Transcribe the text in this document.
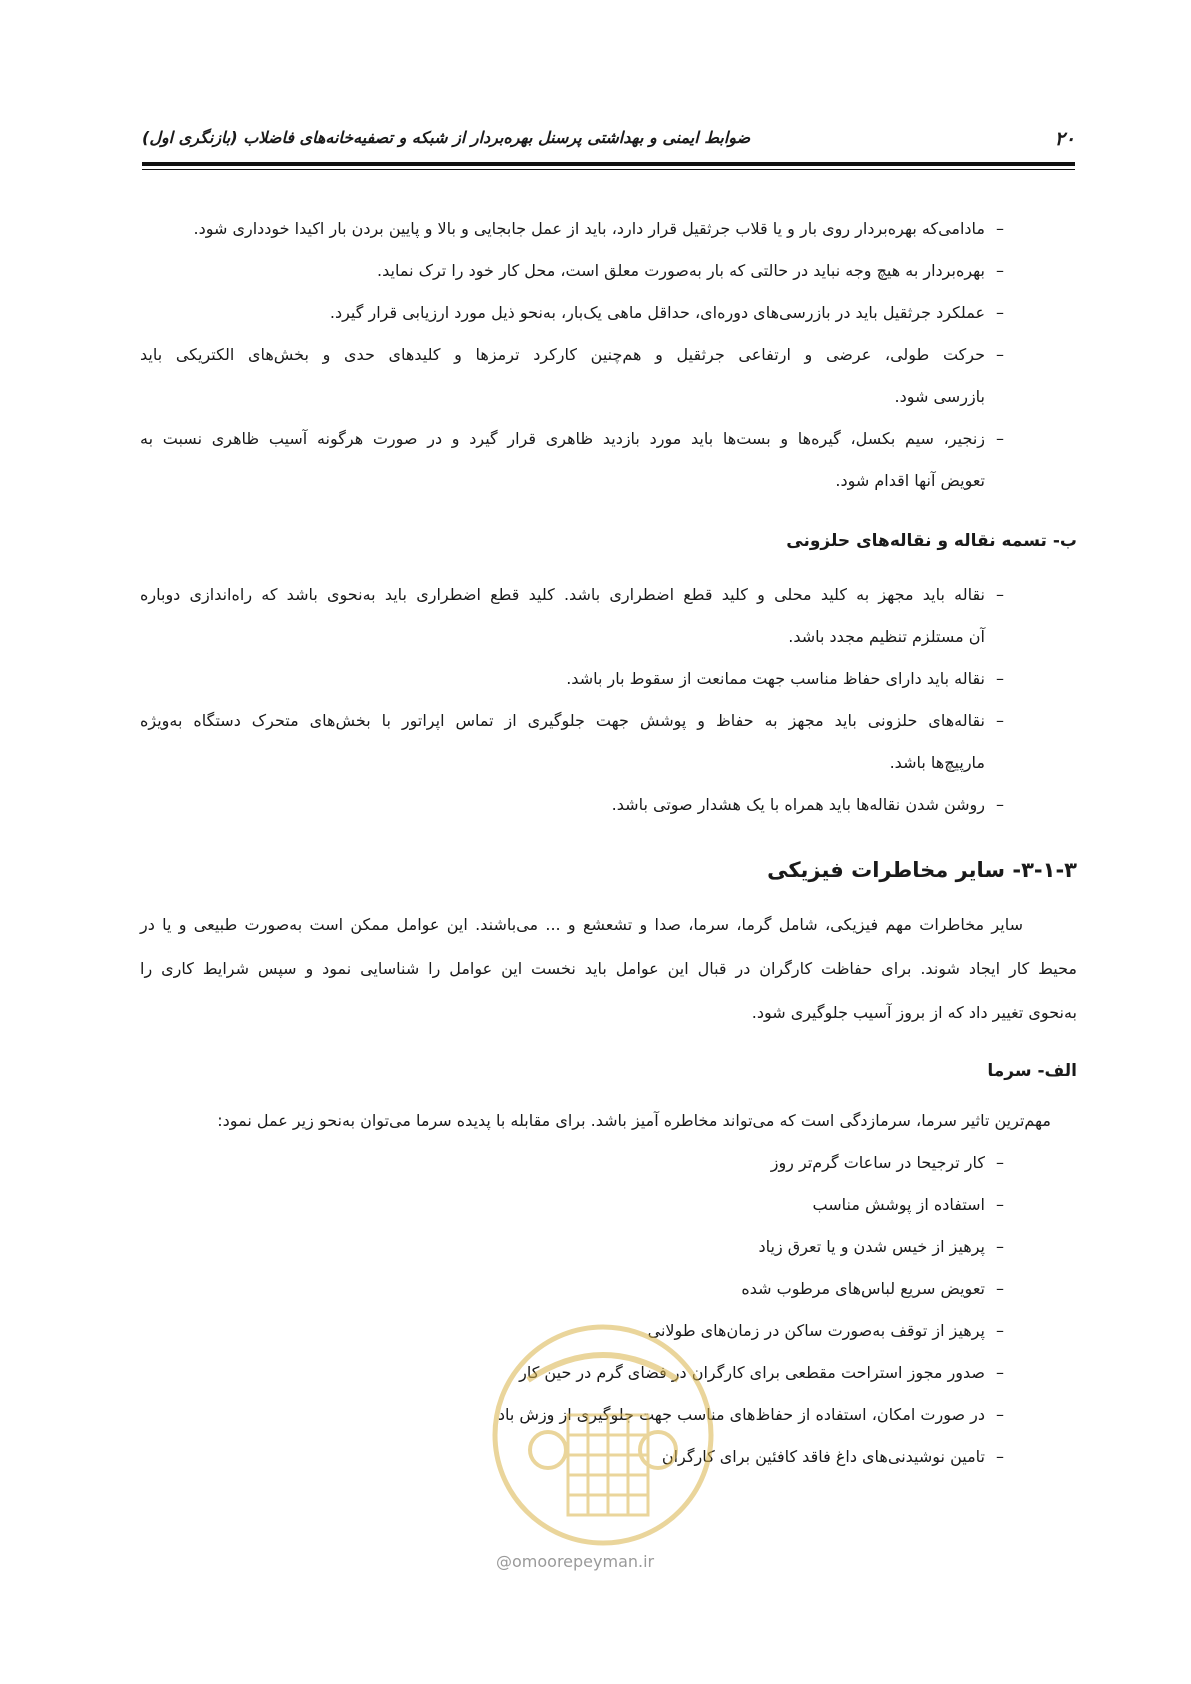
۲۰
ضوابط ایمنی و بهداشتی پرسنل بهره‌بردار از شبکه و تصفیه‌خانه‌های فاضلاب (بازنگری اول)
–مادامی‌که بهره‌بردار روی بار و یا قلاب جرثقیل قرار دارد، باید از عمل جابجایی و بالا و پایین بردن بار اکیدا خودداری شود.
–بهره‌بردار به هیچ وجه نباید در حالتی که بار به‌صورت معلق است، محل کار خود را ترک نماید.
–عملکرد جرثقیل باید در بازرسی‌های دوره‌ای، حداقل ماهی یک‌بار، به‌نحو ذیل مورد ارزیابی قرار گیرد.
–
حرکت طولی، عرضی و ارتفاعی جرثقیل و هم‌چنین کارکرد ترمزها و کلیدهای حدی و بخش‌های الکتریکی باید
بازرسی شود.
–
زنجیر، سیم بکسل، گیره‌ها و بست‌ها باید مورد بازدید ظاهری قرار گیرد و در صورت هرگونه آسیب ظاهری نسبت به
تعویض آنها اقدام شود.
ب- تسمه نقاله و نقاله‌های حلزونی
–
نقاله باید مجهز به کلید محلی و کلید قطع اضطراری باشد. کلید قطع اضطراری باید به‌نحوی باشد که راه‌اندازی دوباره
آن مستلزم تنظیم مجدد باشد.
–نقاله باید دارای حفاظ مناسب جهت ممانعت از سقوط بار باشد.
–
نقاله‌های حلزونی باید مجهز به حفاظ و پوشش جهت جلوگیری از تماس اپراتور با بخش‌های متحرک دستگاه به‌ویژه
مارپیچ‌ها باشد.
–روشن شدن نقاله‌ها باید همراه با یک هشدار صوتی باشد.
۳-۱-۳- سایر مخاطرات فیزیکی
سایر مخاطرات مهم فیزیکی، شامل گرما، سرما، صدا و تشعشع و ... می‌باشند. این عوامل ممکن است به‌صورت طبیعی و یا در
محیط کار ایجاد شوند. برای حفاظت کارگران در قبال این عوامل باید نخست این عوامل را شناسایی نمود و سپس شرایط کاری را
به‌نحوی تغییر داد که از بروز آسیب جلوگیری شود.
الف- سرما
مهم‌ترین تاثیر سرما، سرمازدگی است که می‌تواند مخاطره آمیز باشد. برای مقابله با پدیده سرما می‌توان به‌نحو زیر عمل نمود:
–کار ترجیحا در ساعات گرم‌تر روز
–استفاده از پوشش مناسب
–پرهیز از خیس شدن و یا تعرق زیاد
–تعویض سریع لباس‌های مرطوب شده
–پرهیز از توقف به‌صورت ساکن در زمان‌های طولانی
–صدور مجوز استراحت مقطعی برای کارگران در فضای گرم در حین کار
–در صورت امکان، استفاده از حفاظ‌های مناسب جهت جلوگیری از وزش باد
–تامین نوشیدنی‌های داغ فاقد کافئین برای کارگران
@omoorepeyman.ir
